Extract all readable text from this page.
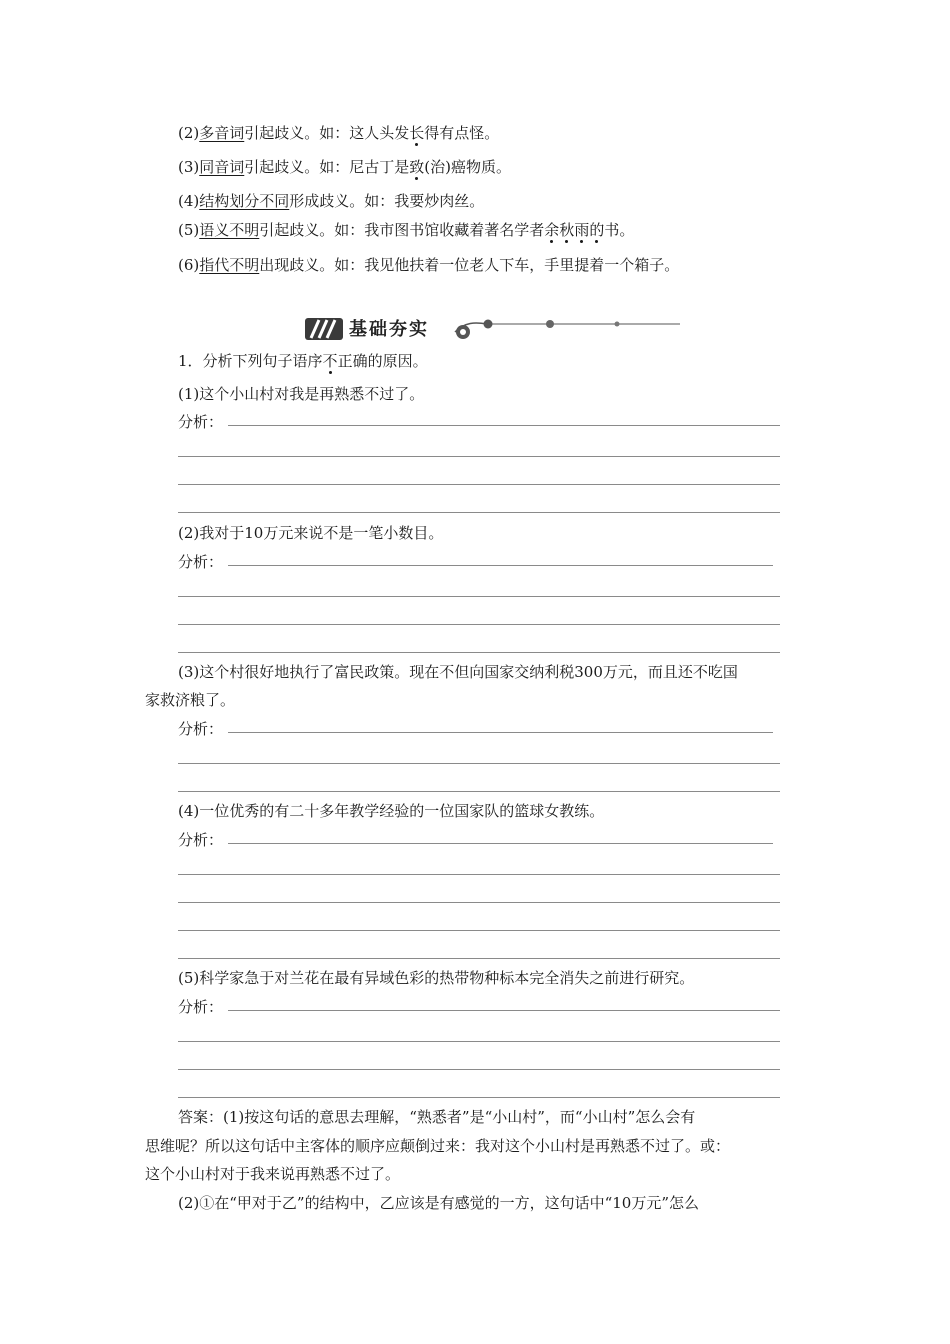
(2)多音词引起歧义。如：这人头发长得有点怪。
(3)同音词引起歧义。如：尼古丁是致(治)癌物质。
(4)结构划分不同形成歧义。如：我要炒肉丝。
(5)语义不明引起歧义。如：我市图书馆收藏着著名学者余秋雨的书。
(6)指代不明出现歧义。如：我见他扶着一位老人下车，手里提着一个箱子。
基础夯实
1．分析下列句子语序不正确的原因。
(1)这个小山村对我是再熟悉不过了。
分析：
(2)我对于10万元来说不是一笔小数目。
分析：
(3)这个村很好地执行了富民政策。现在不但向国家交纳利税300万元，而且还不吃国
家救济粮了。
分析：
(4)一位优秀的有二十多年教学经验的一位国家队的篮球女教练。
分析：
(5)科学家急于对兰花在最有异域色彩的热带物种标本完全消失之前进行研究。
分析：
答案：(1)按这句话的意思去理解，“熟悉者”是“小山村”，而“小山村”怎么会有
思维呢？所以这句话中主客体的顺序应颠倒过来：我对这个小山村是再熟悉不过了。或：
这个小山村对于我来说再熟悉不过了。
(2)①在“甲对于乙”的结构中，乙应该是有感觉的一方，这句话中“10万元”怎么
